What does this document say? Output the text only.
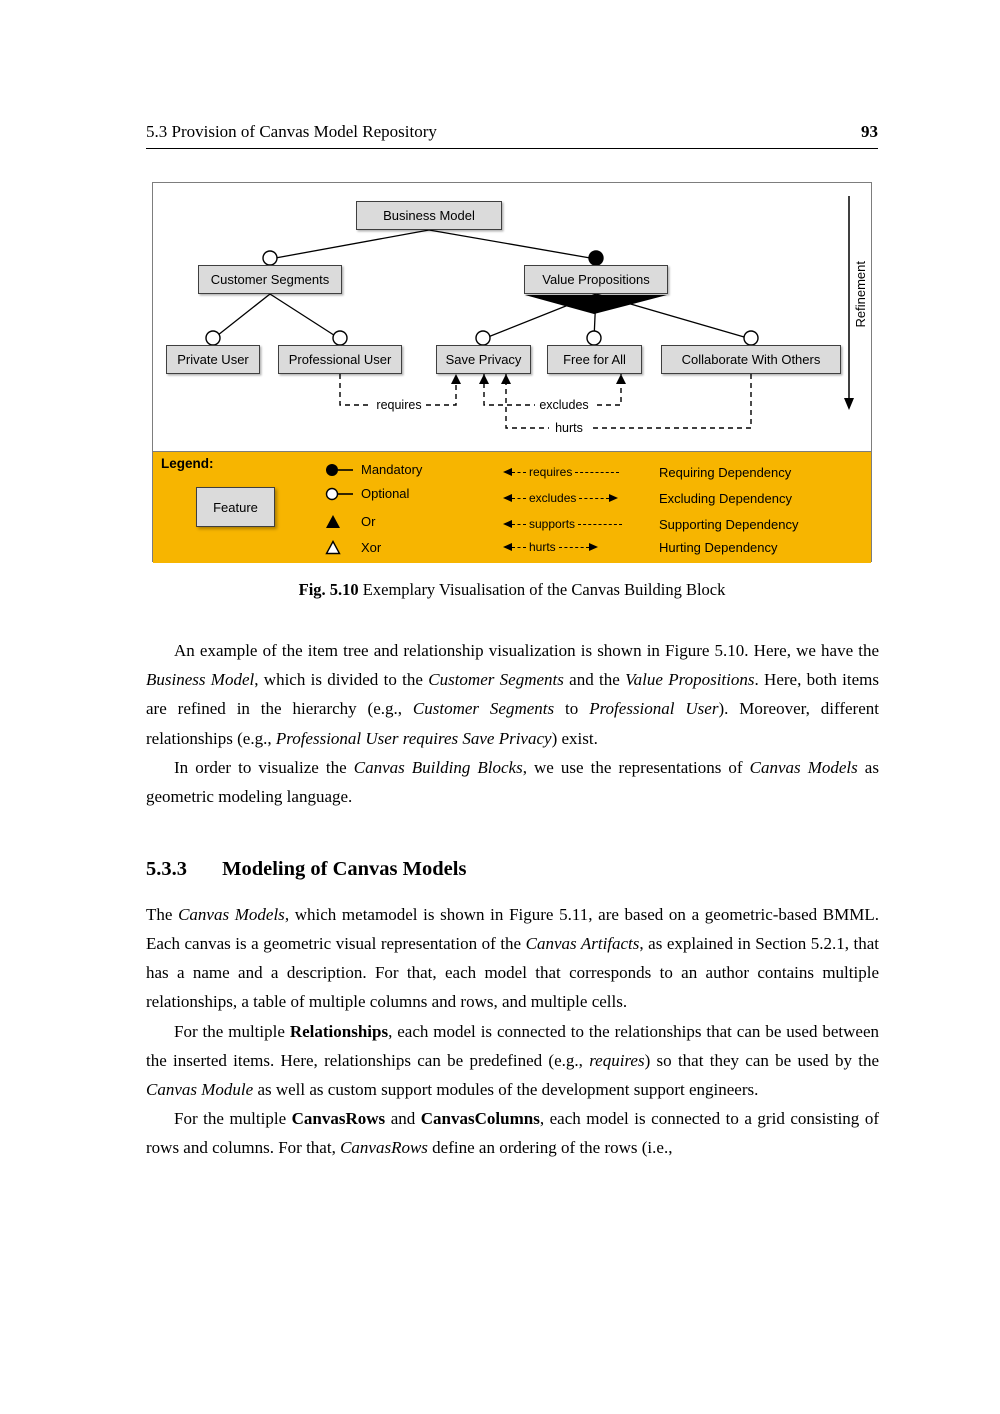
5.3 Provision of Canvas Model Repository	93
requires	excludes
hurts
Business Model
Customer Segments	Value Propositions
Private User	Professional User	Save Privacy	Free for All	Collaborate With Others
Refinement
Legend:
Feature
Mandatory
Optional
Or
Xor
requires	Requiring Dependency
excludes	Excluding Dependency
supports	Supporting Dependency
hurts	Hurting Dependency
Fig. 5.10 Exemplary Visualisation of the Canvas Building Block

An example of the item tree and relationship visualization is shown in Figure 5.10. Here, we have the Business Model, which is divided to the Customer Segments and the Value Propositions. Here, both items are refined in the hierarchy (e.g., Customer Segments to Professional User). Moreover, different relationships (e.g., Professional User requires Save Privacy) exist.

In order to visualize the Canvas Building Blocks, we use the representations of Canvas Models as geometric modeling language.

5.3.3 Modeling of Canvas Models

The Canvas Models, which metamodel is shown in Figure 5.11, are based on a geometric-based BMML. Each canvas is a geometric visual representation of the Canvas Artifacts, as explained in Section 5.2.1, that has a name and a description. For that, each model that corresponds to an author contains multiple relationships, a table of multiple columns and rows, and multiple cells.

For the multiple Relationships, each model is connected to the relationships that can be used between the inserted items. Here, relationships can be predefined (e.g., requires) so that they can be used by the Canvas Module as well as custom support modules of the development support engineers.

For the multiple CanvasRows and CanvasColumns, each model is connected to a grid consisting of rows and columns. For that, CanvasRows define an ordering of the rows (i.e.,
